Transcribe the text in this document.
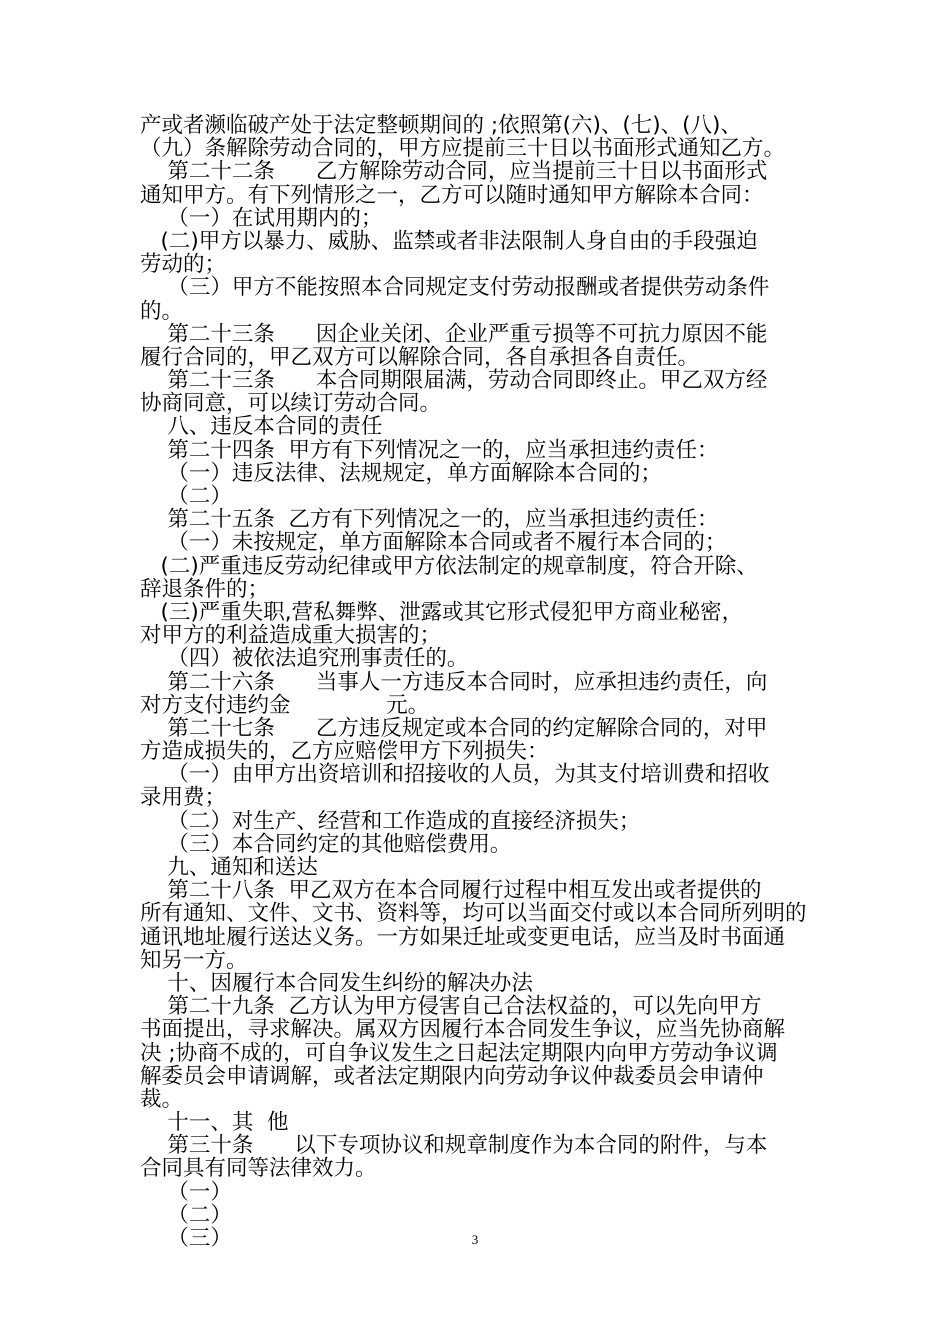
产或者濒临破产处于法定整顿期间的 ;依照第(六)、(七)、(八)、
（九）条解除劳动合同的，甲方应提前三十日以书面形式通知乙方。
第二十二条      乙方解除劳动合同，应当提前三十日以书面形式
通知甲方。有下列情形之一，乙方可以随时通知甲方解除本合同：
（一）在试用期内的；
(二)甲方以暴力、威胁、监禁或者非法限制人身自由的手段强迫
劳动的；
（三）甲方不能按照本合同规定支付劳动报酬或者提供劳动条件
的。
第二十三条      因企业关闭、企业严重亏损等不可抗力原因不能
履行合同的，甲乙双方可以解除合同，各自承担各自责任。
第二十三条      本合同期限届满，劳动合同即终止。甲乙双方经
协商同意，可以续订劳动合同。
八、违反本合同的责任
第二十四条  甲方有下列情况之一的，应当承担违约责任：
（一）违反法律、法规规定，单方面解除本合同的；
（二）
第二十五条  乙方有下列情况之一的，应当承担违约责任：
（一）未按规定，单方面解除本合同或者不履行本合同的；
(二)严重违反劳动纪律或甲方依法制定的规章制度，符合开除、
辞退条件的；
(三)严重失职,营私舞弊、泄露或其它形式侵犯甲方商业秘密，
对甲方的利益造成重大损害的；
（四）被依法追究刑事责任的。
第二十六条      当事人一方违反本合同时，应承担违约责任，向
对方支付违约金              元。
第二十七条      乙方违反规定或本合同的约定解除合同的，对甲
方造成损失的，乙方应赔偿甲方下列损失：
（一）由甲方出资培训和招接收的人员，为其支付培训费和招收
录用费；
（二）对生产、经营和工作造成的直接经济损失；
（三）本合同约定的其他赔偿费用。
九、通知和送达
第二十八条  甲乙双方在本合同履行过程中相互发出或者提供的
所有通知、文件、文书、资料等，均可以当面交付或以本合同所列明的
通讯地址履行送达义务。一方如果迁址或变更电话，应当及时书面通
知另一方。
十、因履行本合同发生纠纷的解决办法
第二十九条  乙方认为甲方侵害自己合法权益的，可以先向甲方
书面提出，寻求解决。属双方因履行本合同发生争议，应当先协商解
决 ;协商不成的，可自争议发生之日起法定期限内向甲方劳动争议调
解委员会申请调解，或者法定期限内向劳动争议仲裁委员会申请仲
裁。
十一、其  他
第三十条      以下专项协议和规章制度作为本合同的附件，与本
合同具有同等法律效力。
（一）
（二）
（三）	3
